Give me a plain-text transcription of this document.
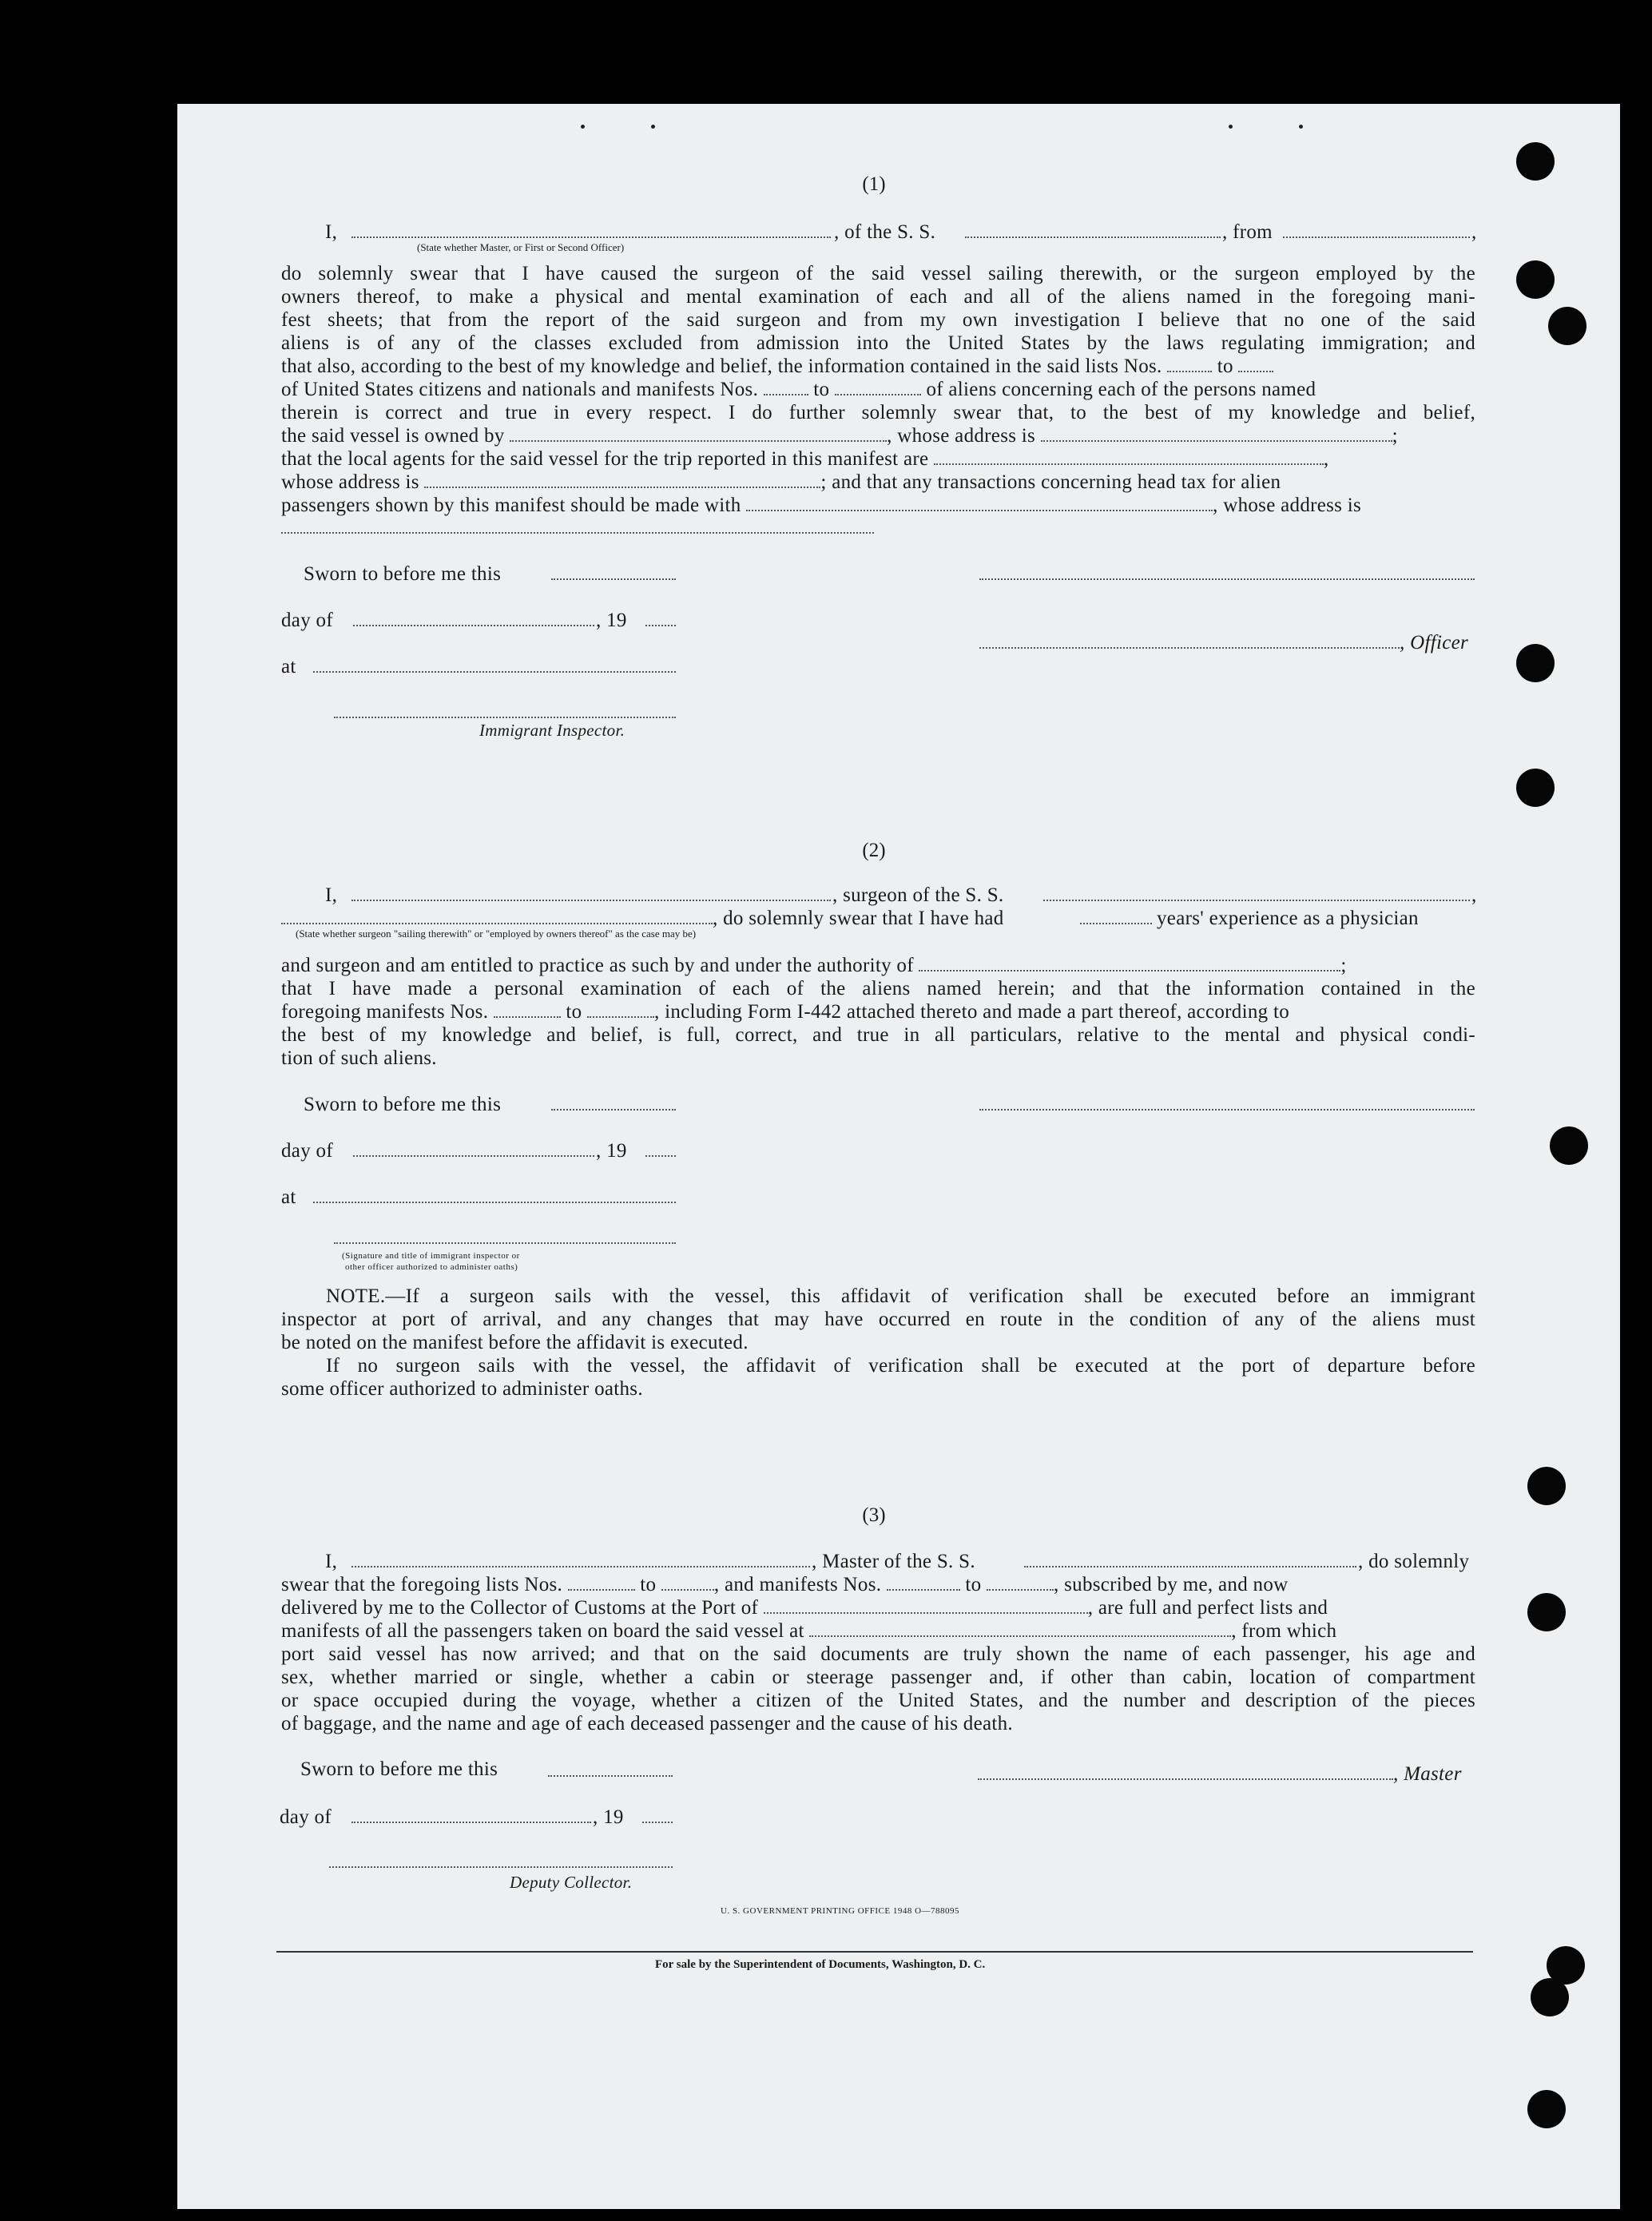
(1)
I,	, of the S. S.	, from	,
(State whether Master, or First or Second Officer)
do solemnly swear that I have caused the surgeon of the said vessel sailing therewith, or the surgeon employed by the
owners thereof, to make a physical and mental examination of each and all of the aliens named in the foregoing mani-
fest sheets; that from the report of the said surgeon and from my own investigation I believe that no one of the said
aliens is of any of the classes excluded from admission into the United States by the laws regulating immigration; and
that also, according to the best of my knowledge and belief, the information contained in the said lists Nos.	to
of United States citizens and nationals and manifests Nos.	to	of aliens concerning each of the persons named
therein is correct and true in every respect. I do further solemnly swear that, to the best of my knowledge and belief,
the said vessel is owned by	, whose address is	;
that the local agents for the said vessel for the trip reported in this manifest are	,
whose address is	; and that any transactions concerning head tax for alien
passengers shown by this manifest should be made with	, whose address is
Sworn to before me this
day of	, 19
, Officer
at
Immigrant Inspector.
(2)
I,	, surgeon of the S. S.	,
, do solemnly swear that I have had	years' experience as a physician
(State whether surgeon "sailing therewith" or "employed by owners thereof" as the case may be)
and surgeon and am entitled to practice as such by and under the authority of	;
that I have made a personal examination of each of the aliens named herein; and that the information contained in the
foregoing manifests Nos.	to	, including Form I-442 attached thereto and made a part thereof, according to
the best of my knowledge and belief, is full, correct, and true in all particulars, relative to the mental and physical condi-
tion of such aliens.
Sworn to before me this
day of	, 19
at
(Signature and title of immigrant inspector or
other officer authorized to administer oaths)
NOTE.—If a surgeon sails with the vessel, this affidavit of verification shall be executed before an immigrant
inspector at port of arrival, and any changes that may have occurred en route in the condition of any of the aliens must
be noted on the manifest before the affidavit is executed.
If no surgeon sails with the vessel, the affidavit of verification shall be executed at the port of departure before
some officer authorized to administer oaths.
(3)
I,	, Master of the S. S.	, do solemnly
swear that the foregoing lists Nos.	to	, and manifests Nos.	to	, subscribed by me, and now
delivered by me to the Collector of Customs at the Port of	, are full and perfect lists and
manifests of all the passengers taken on board the said vessel at	, from which
port said vessel has now arrived; and that on the said documents are truly shown the name of each passenger, his age and
sex, whether married or single, whether a cabin or steerage passenger and, if other than cabin, location of compartment
or space occupied during the voyage, whether a citizen of the United States, and the number and description of the pieces
of baggage, and the name and age of each deceased passenger and the cause of his death.
Sworn to before me this	, Master
day of	, 19
Deputy Collector.
U. S. GOVERNMENT PRINTING OFFICE 1948 O—788095
For sale by the Superintendent of Documents, Washington, D. C.
